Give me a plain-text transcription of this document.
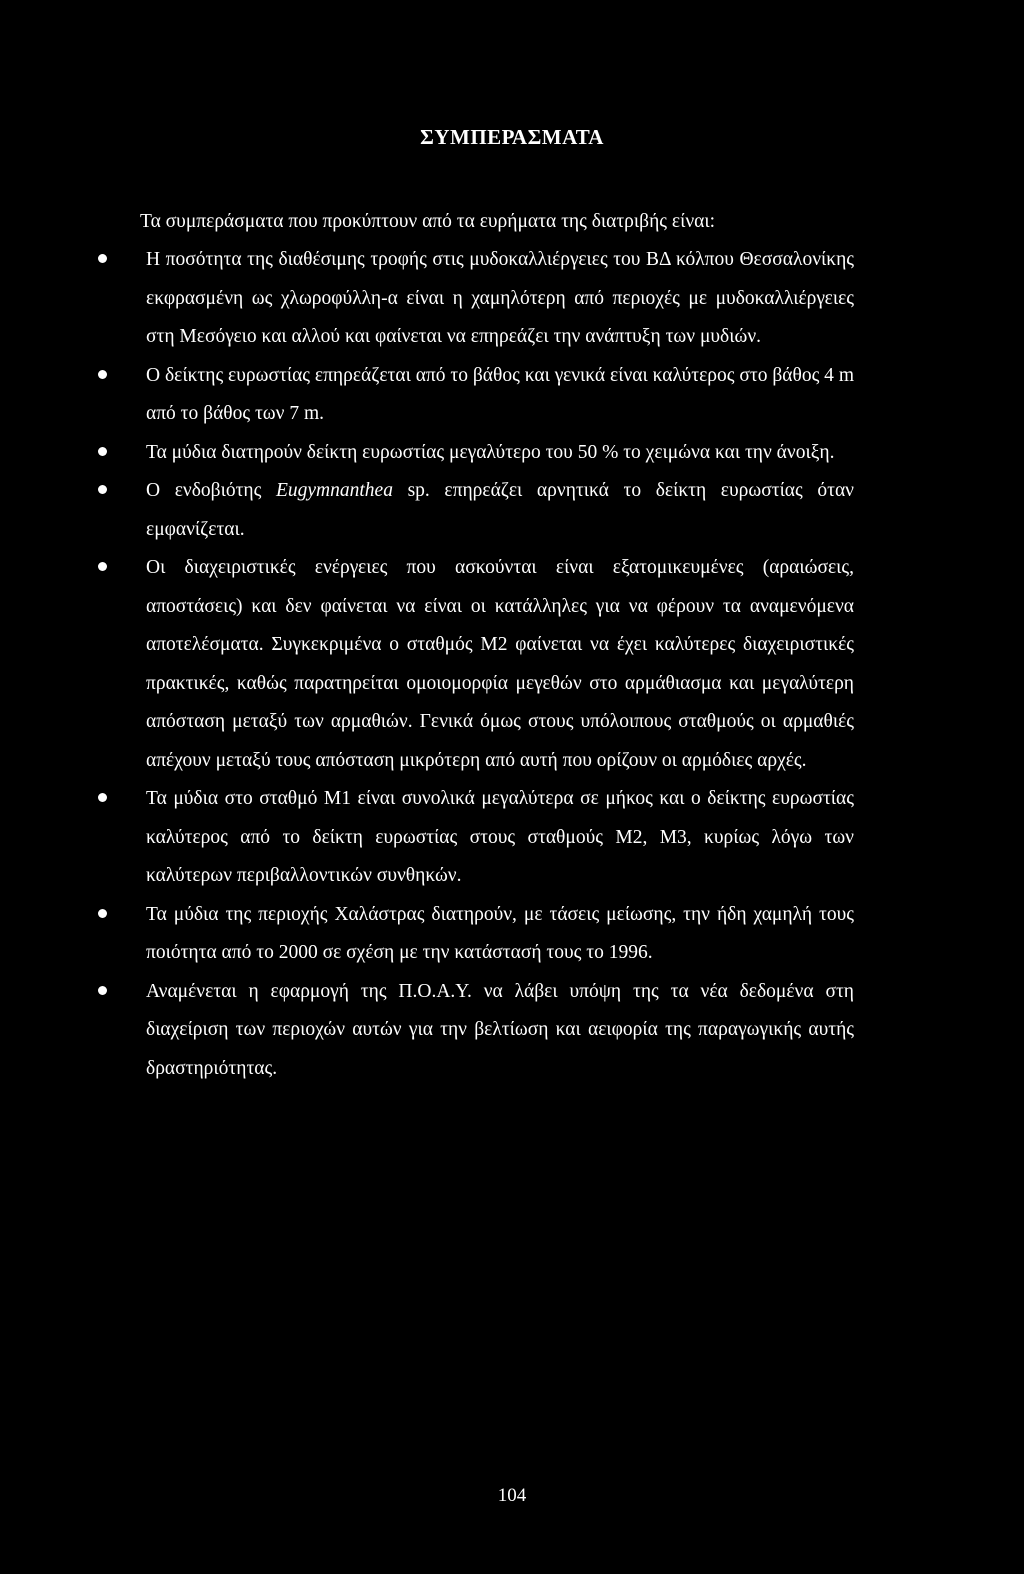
ΣΥΜΠΕΡΑΣΜΑΤΑ

Τα συμπεράσματα που προκύπτουν από τα ευρήματα της διατριβής είναι:

Η ποσότητα της διαθέσιμης τροφής στις μυδοκαλλιέργειες του ΒΔ κόλπου Θεσσαλονίκης εκφρασμένη ως χλωροφύλλη-α είναι η χαμηλότερη από περιοχές με μυδοκαλλιέργειες στη Μεσόγειο και αλλού και φαίνεται να επηρεάζει την ανάπτυξη των μυδιών.
Ο δείκτης ευρωστίας επηρεάζεται από το βάθος και γενικά είναι καλύτερος στο βάθος 4 m από το βάθος των 7 m.
Τα μύδια διατηρούν δείκτη ευρωστίας μεγαλύτερο του 50 % το χειμώνα και την άνοιξη.
Ο ενδοβιότης Eugymnanthea sp. επηρεάζει αρνητικά το δείκτη ευρωστίας όταν εμφανίζεται.
Οι διαχειριστικές ενέργειες που ασκούνται είναι εξατομικευμένες (αραιώσεις, αποστάσεις) και δεν φαίνεται να είναι οι κατάλληλες για να φέρουν τα αναμενόμενα αποτελέσματα. Συγκεκριμένα ο σταθμός Μ2 φαίνεται να έχει καλύτερες διαχειριστικές πρακτικές, καθώς παρατηρείται ομοιομορφία μεγεθών στο αρμάθιασμα και μεγαλύτερη απόσταση μεταξύ των αρμαθιών. Γενικά όμως στους υπόλοιπους σταθμούς οι αρμαθιές απέχουν μεταξύ τους απόσταση μικρότερη από αυτή που ορίζουν οι αρμόδιες αρχές.
Τα μύδια στο σταθμό Μ1 είναι συνολικά μεγαλύτερα σε μήκος και ο δείκτης ευρωστίας καλύτερος από το δείκτη ευρωστίας στους σταθμούς Μ2, Μ3, κυρίως λόγω των καλύτερων περιβαλλοντικών συνθηκών.
Τα μύδια της περιοχής Χαλάστρας διατηρούν, με τάσεις μείωσης, την ήδη χαμηλή τους ποιότητα από το 2000 σε σχέση με την κατάστασή τους το 1996.
Αναμένεται η εφαρμογή της Π.Ο.Α.Υ. να λάβει υπόψη της τα νέα δεδομένα στη διαχείριση των περιοχών αυτών για την βελτίωση και αειφορία της παραγωγικής αυτής δραστηριότητας.

104
